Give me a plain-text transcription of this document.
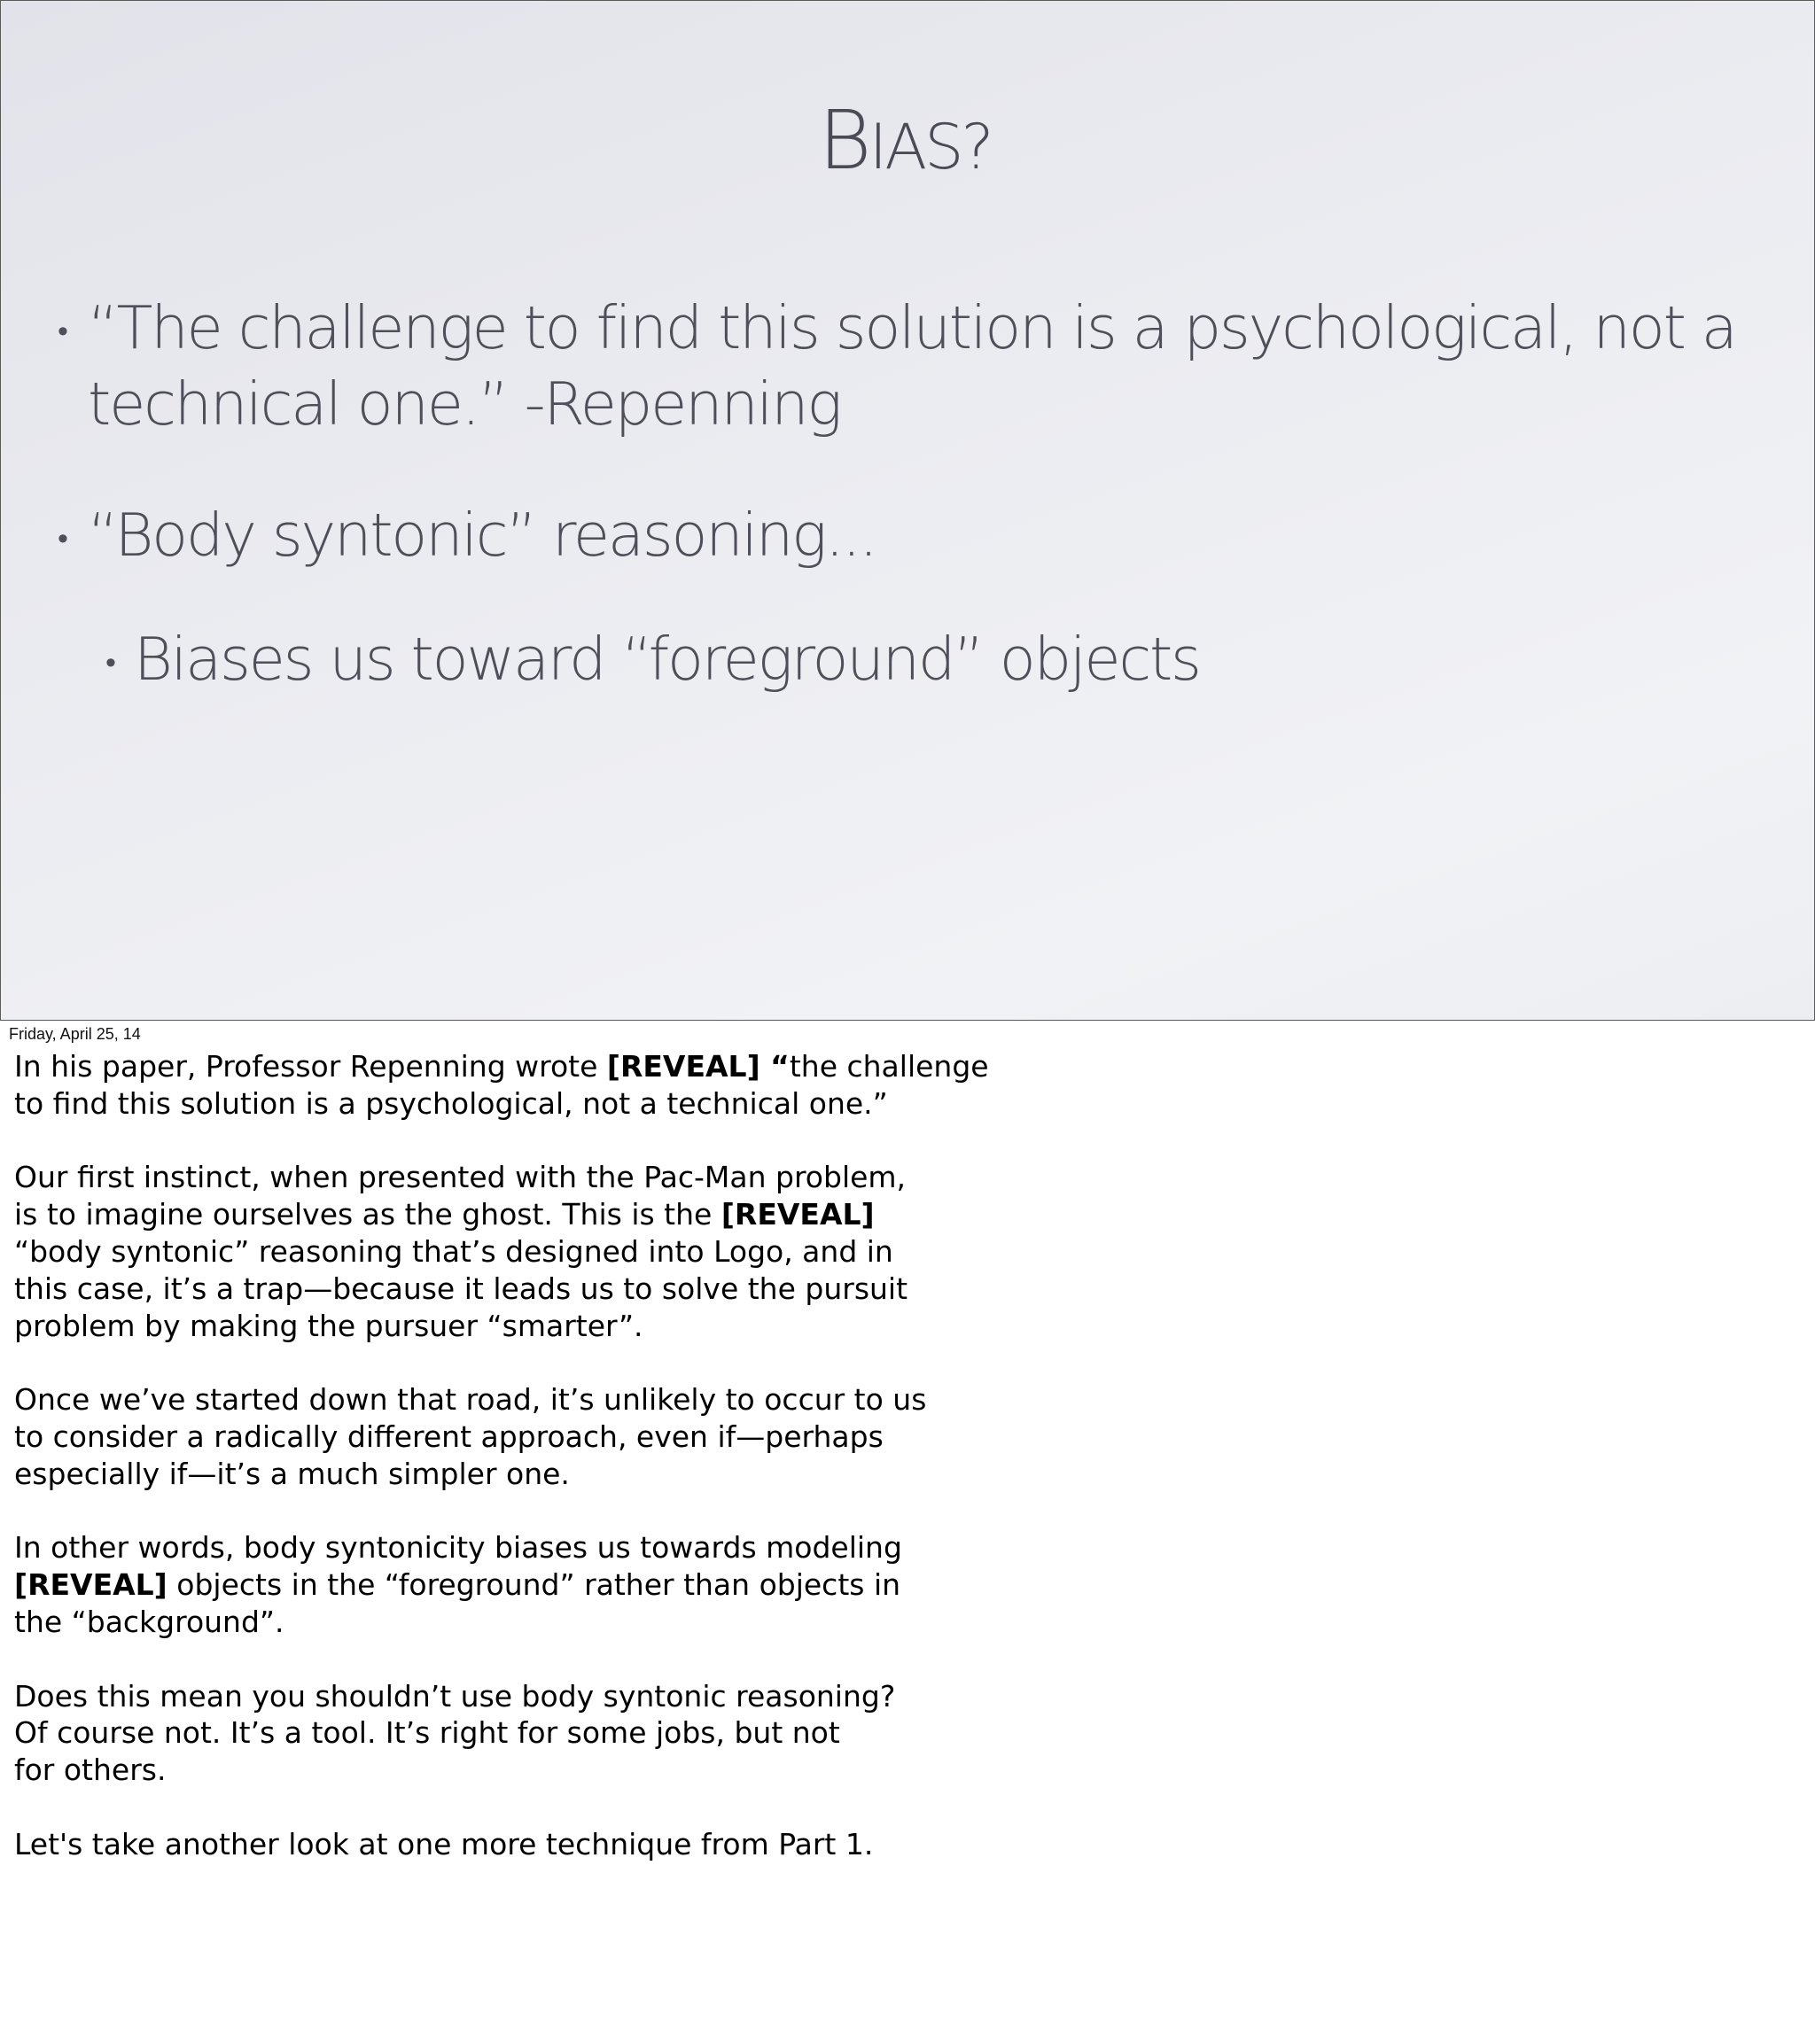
BIAS?
• “The challenge to find this solution is a psychological, not a
technical one.” -Repenning
• “Body syntonic” reasoning...
• Biases us toward “foreground” objects
Friday, April 25, 14

In his paper, Professor Repenning wrote [REVEAL] “the challenge
to find this solution is a psychological, not a technical one.”

Our first instinct, when presented with the Pac-Man problem,
is to imagine ourselves as the ghost. This is the [REVEAL]
“body syntonic” reasoning that’s designed into Logo, and in
this case, it’s a trap—because it leads us to solve the pursuit
problem by making the pursuer “smarter”.

Once we’ve started down that road, it’s unlikely to occur to us
to consider a radically different approach, even if—perhaps
especially if—it’s a much simpler one.

In other words, body syntonicity biases us towards modeling
[REVEAL] objects in the “foreground” rather than objects in
the “background”.

Does this mean you shouldn’t use body syntonic reasoning?
Of course not. It’s a tool. It’s right for some jobs, but not
for others.

Let's take another look at one more technique from Part 1.
